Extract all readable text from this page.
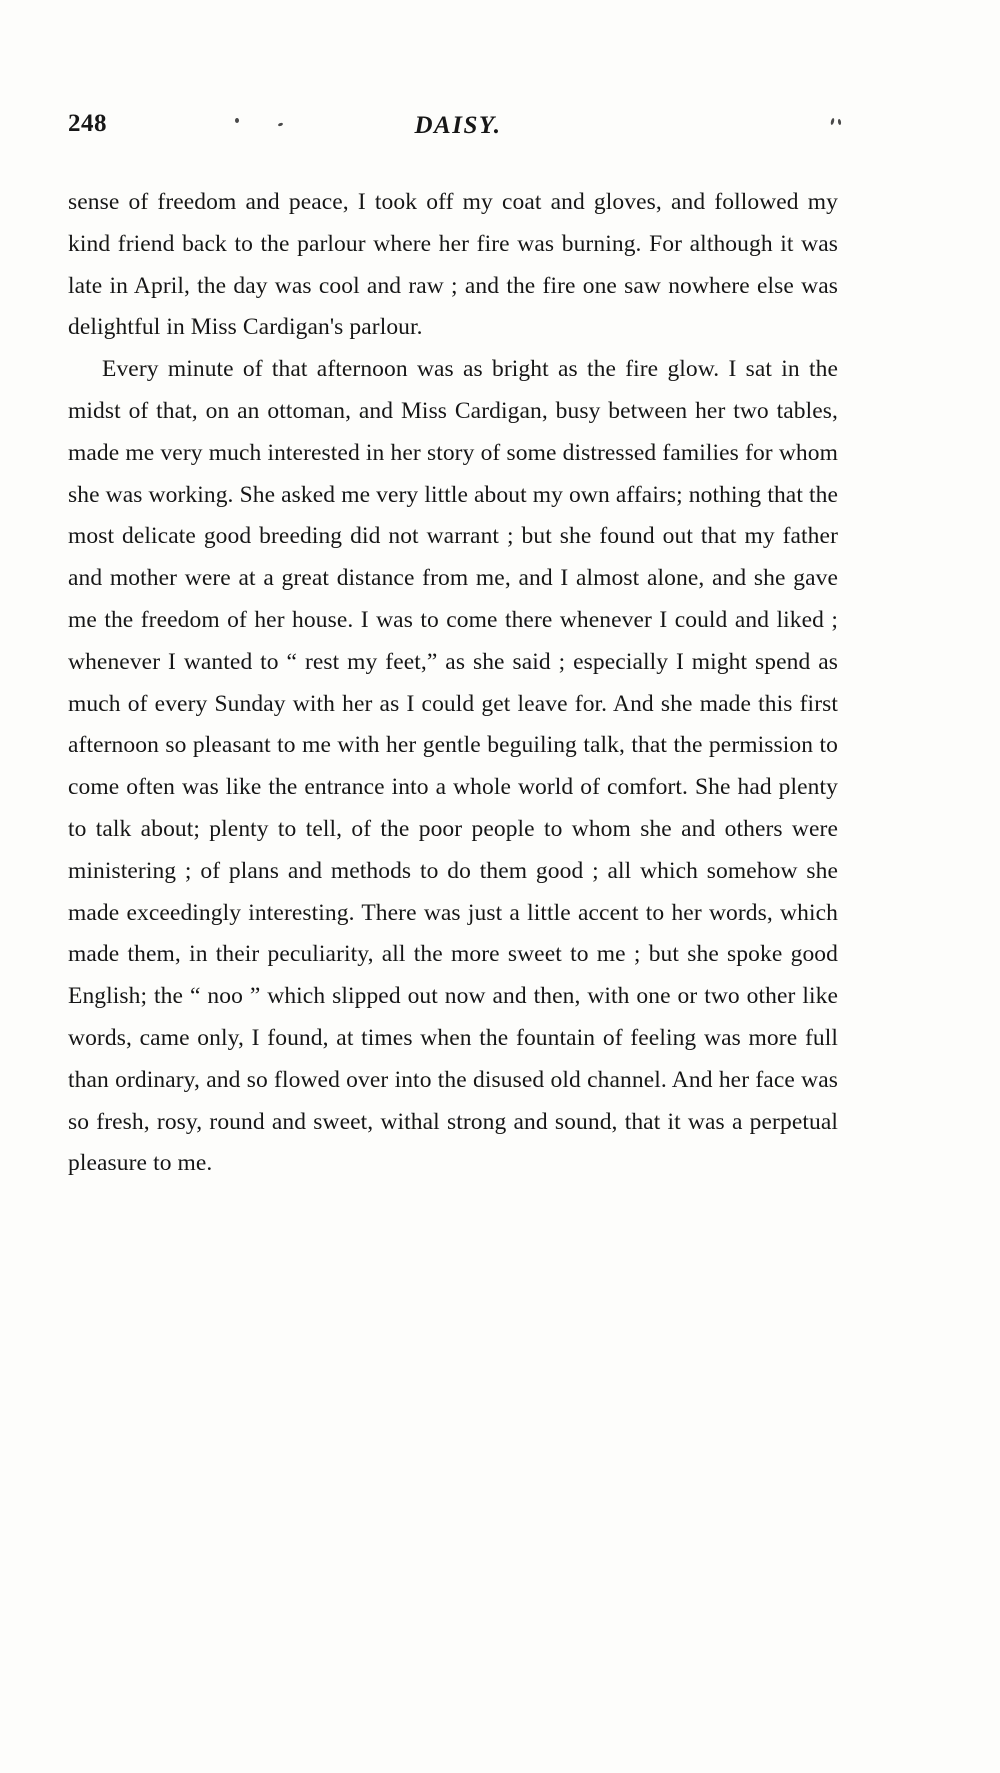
248	DAISY.

sense of freedom and peace, I took off my coat and gloves, and followed my kind friend back to the parlour where her fire was burning. For although it was late in April, the day was cool and raw ; and the fire one saw nowhere else was delightful in Miss Cardigan's parlour.

Every minute of that afternoon was as bright as the fire glow. I sat in the midst of that, on an ottoman, and Miss Cardigan, busy between her two tables, made me very much interested in her story of some distressed families for whom she was working. She asked me very little about my own affairs; nothing that the most delicate good breeding did not warrant ; but she found out that my father and mother were at a great distance from me, and I almost alone, and she gave me the freedom of her house. I was to come there whenever I could and liked ; whenever I wanted to “ rest my feet,” as she said ; especially I might spend as much of every Sunday with her as I could get leave for. And she made this first afternoon so pleasant to me with her gentle beguiling talk, that the permission to come often was like the entrance into a whole world of comfort. She had plenty to talk about; plenty to tell, of the poor people to whom she and others were ministering ; of plans and methods to do them good ; all which somehow she made exceedingly interesting. There was just a little accent to her words, which made them, in their peculiarity, all the more sweet to me ; but she spoke good English; the “ noo ” which slipped out now and then, with one or two other like words, came only, I found, at times when the fountain of feeling was more full than ordinary, and so flowed over into the disused old channel. And her face was so fresh, rosy, round and sweet, withal strong and sound, that it was a perpetual pleasure to me.
